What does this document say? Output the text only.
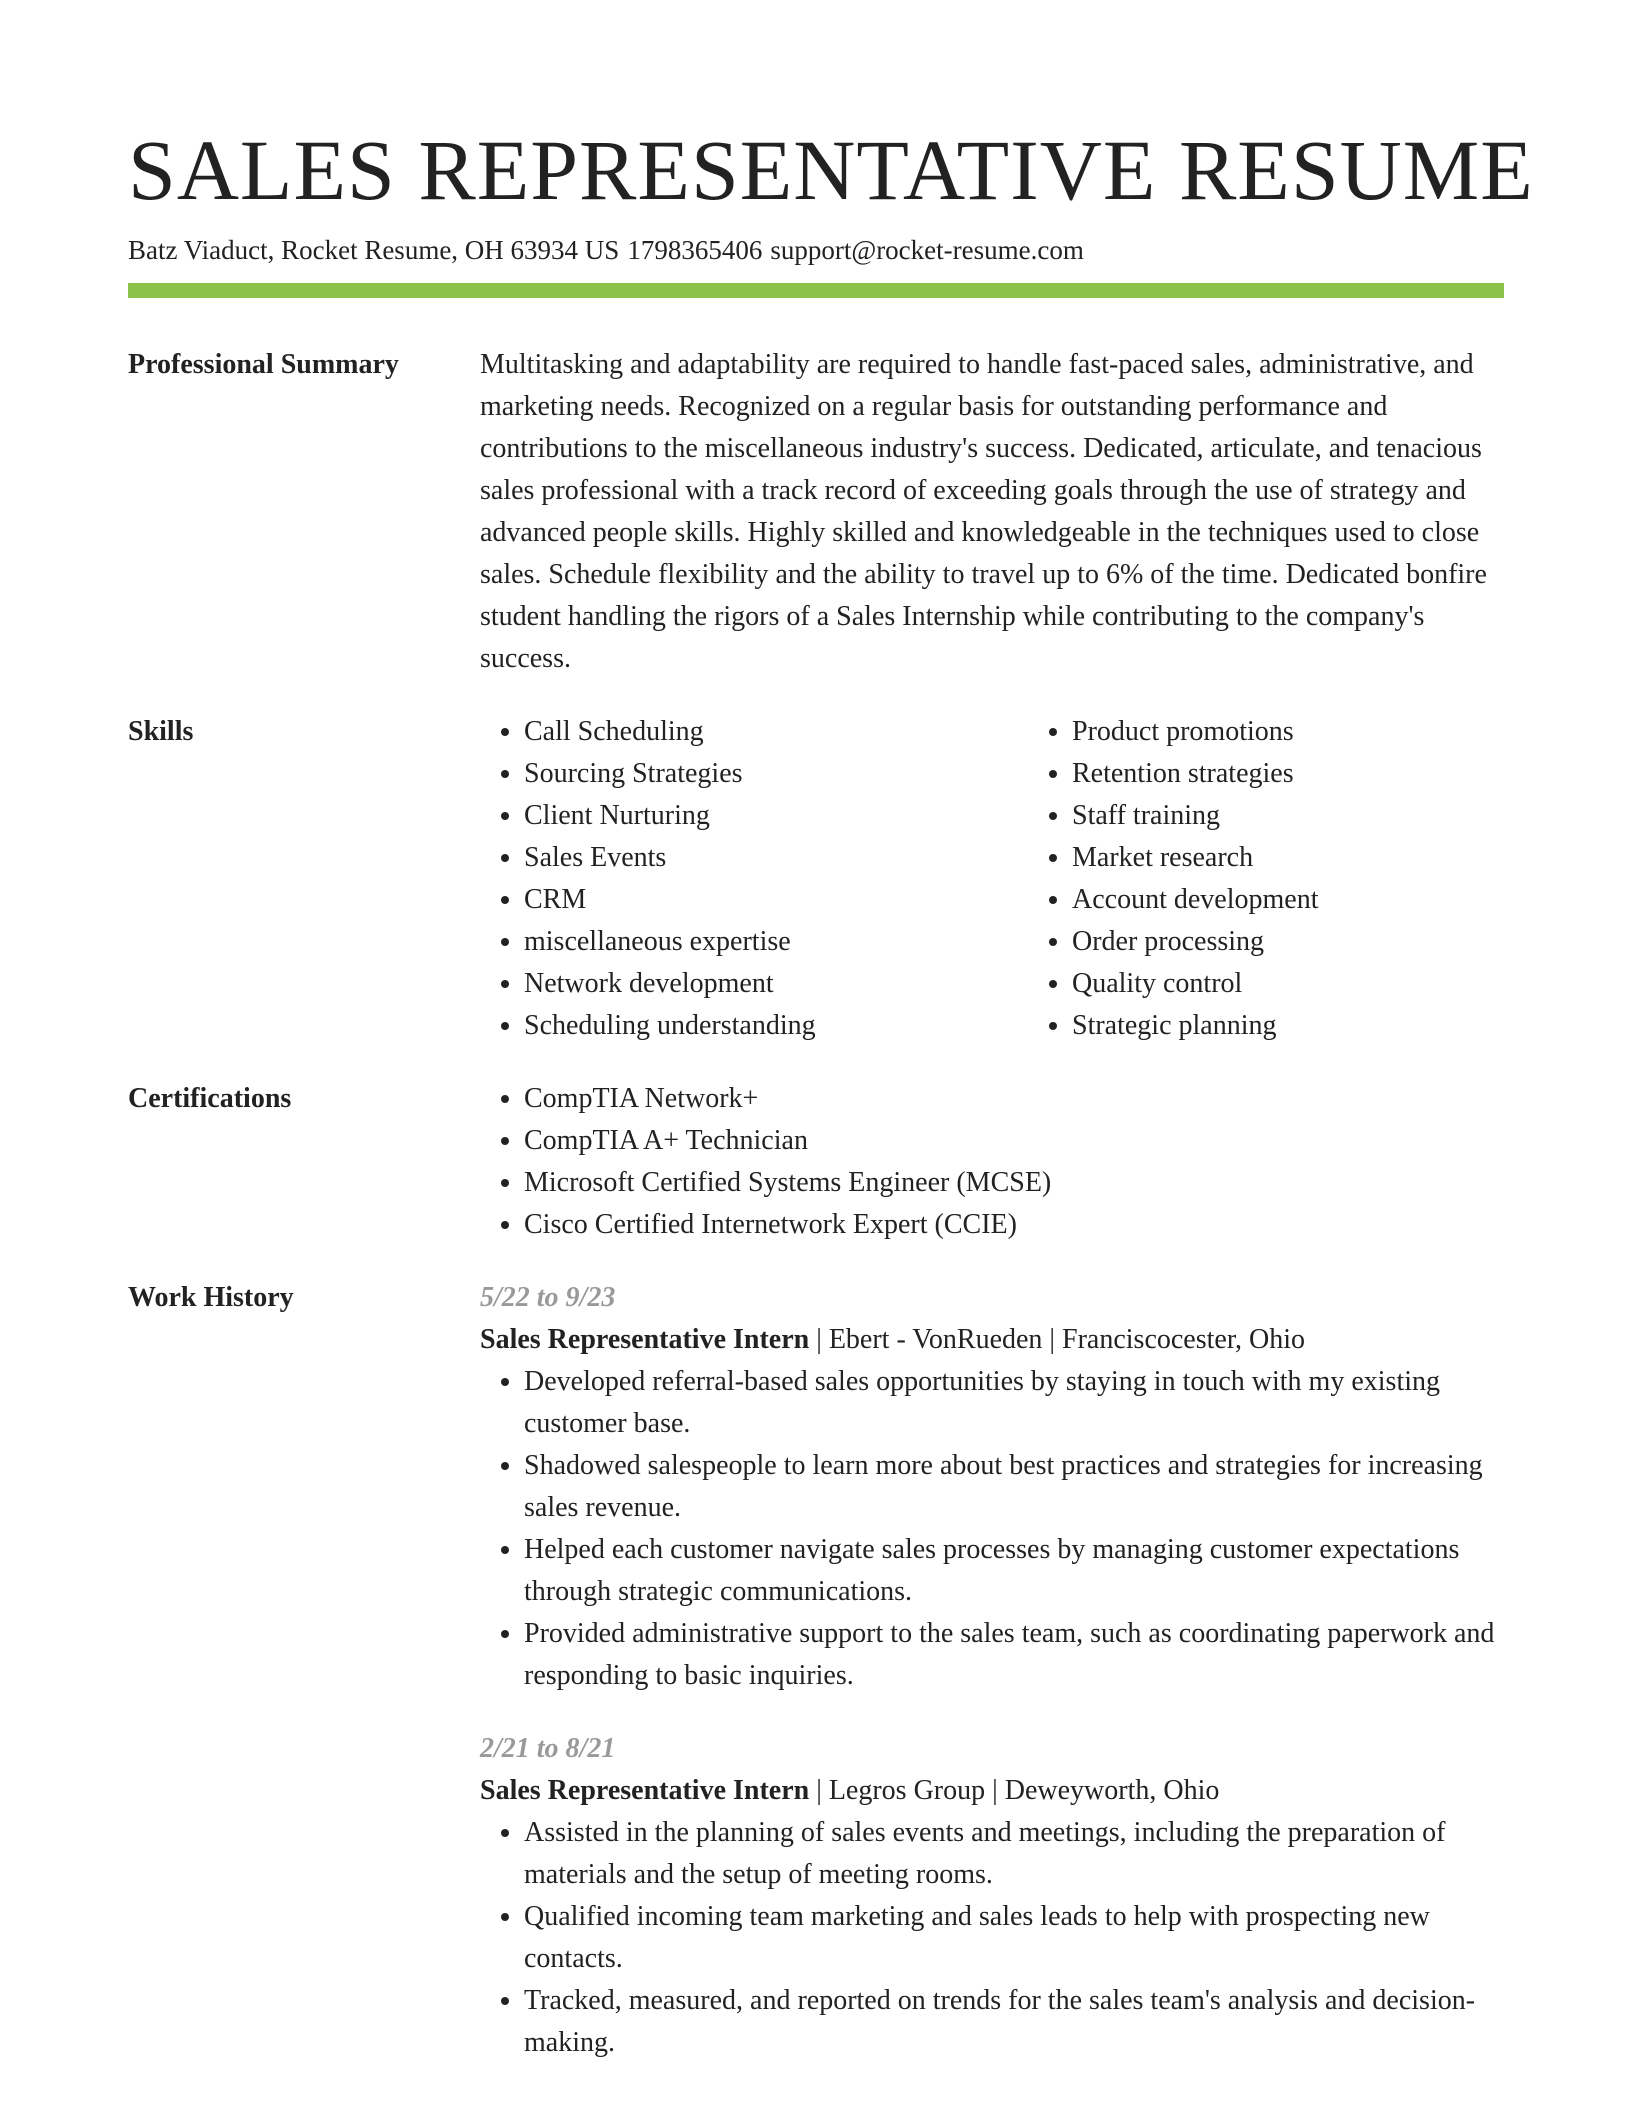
SALES REPRESENTATIVE RESUME
Batz Viaduct, Rocket Resume, OH 63934 US 1798365406 support@rocket-resume.com
Professional Summary	Multitasking and adaptability are required to handle fast-paced sales, administrative, and marketing needs. Recognized on a regular basis for outstanding performance and contributions to the miscellaneous industry's success. Dedicated, articulate, and tenacious sales professional with a track record of exceeding goals through the use of strategy and advanced people skills. Highly skilled and knowledgeable in the techniques used to close sales. Schedule flexibility and the ability to travel up to 6% of the time. Dedicated bonfire student handling the rigors of a Sales Internship while contributing to the company's success.
Skills	• Call Scheduling
• Sourcing Strategies
• Client Nurturing
• Sales Events
• CRM
• miscellaneous expertise
• Network development
• Scheduling understanding
• Product promotions
• Retention strategies
• Staff training
• Market research
• Account development
• Order processing
• Quality control
• Strategic planning
Certifications	• CompTIA Network+
• CompTIA A+ Technician
• Microsoft Certified Systems Engineer (MCSE)
• Cisco Certified Internetwork Expert (CCIE)
Work History	5/22 to 9/23
Sales Representative Intern | Ebert - VonRueden | Franciscocester, Ohio
• Developed referral-based sales opportunities by staying in touch with my existing customer base.
• Shadowed salespeople to learn more about best practices and strategies for increasing sales revenue.
• Helped each customer navigate sales processes by managing customer expectations through strategic communications.
• Provided administrative support to the sales team, such as coordinating paperwork and responding to basic inquiries.
2/21 to 8/21
Sales Representative Intern | Legros Group | Deweyworth, Ohio
• Assisted in the planning of sales events and meetings, including the preparation of materials and the setup of meeting rooms.
• Qualified incoming team marketing and sales leads to help with prospecting new contacts.
• Tracked, measured, and reported on trends for the sales team's analysis and decision-making.
